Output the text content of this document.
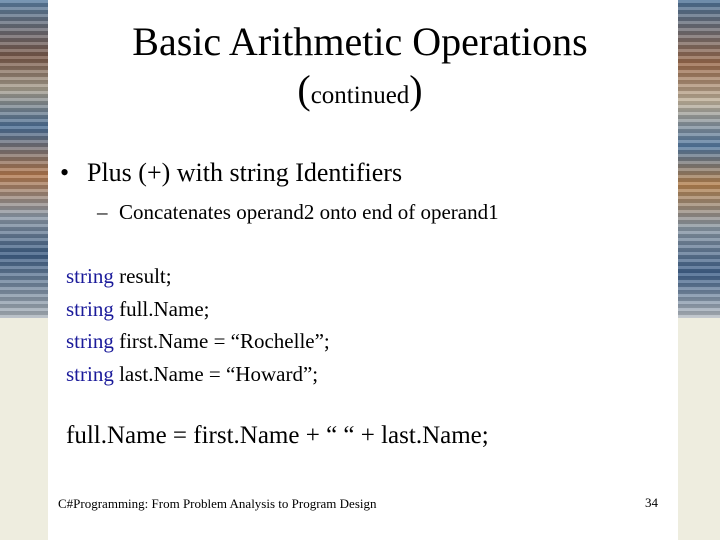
Basic Arithmetic Operations
(continued)
• Plus (+) with string Identifiers
– Concatenates operand2 onto end of operand1
string result;
string full.Name;
string first.Name = “Rochelle”;
string last.Name = “Howard”;
full.Name = first.Name + “ “ + last.Name;
C#Programming: From Problem Analysis to Program Design	34
